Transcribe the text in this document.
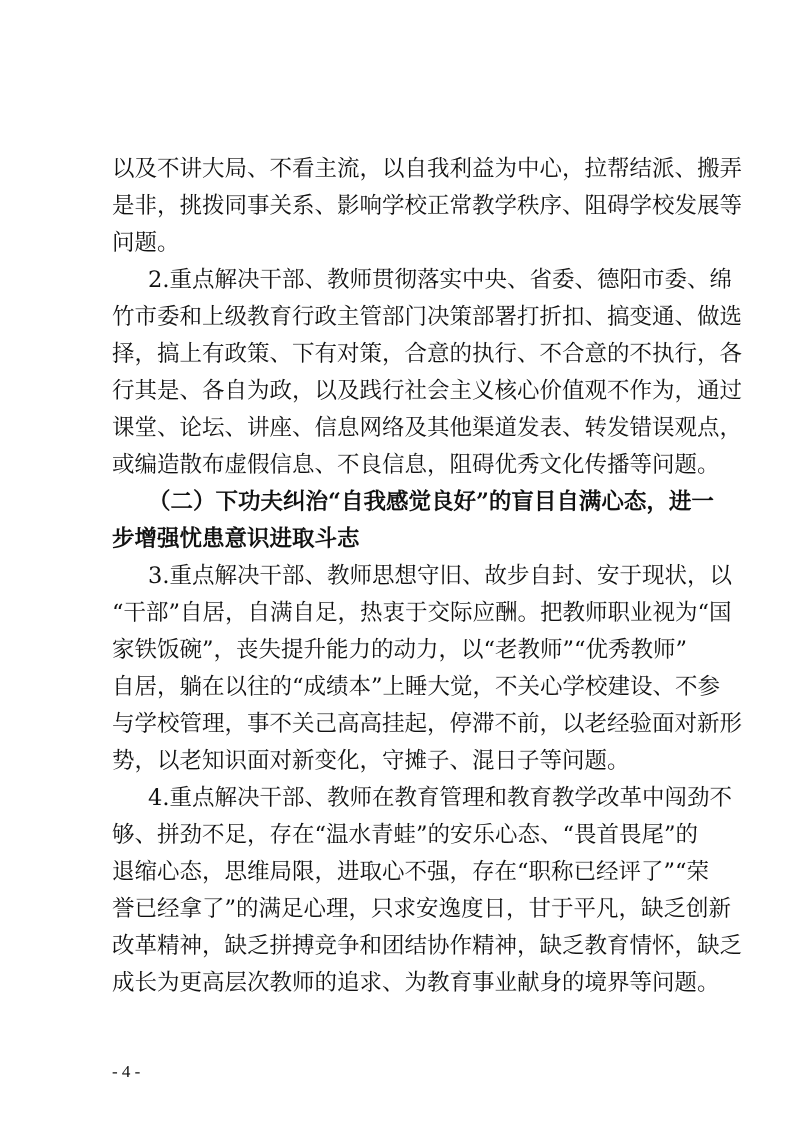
以及不讲大局、不看主流，以自我利益为中心，拉帮结派、搬弄
是非，挑拨同事关系、影响学校正常教学秩序、阻碍学校发展等
问题。
2.重点解决干部、教师贯彻落实中央、省委、德阳市委、绵
竹市委和上级教育行政主管部门决策部署打折扣、搞变通、做选
择，搞上有政策、下有对策，合意的执行、不合意的不执行，各
行其是、各自为政，以及践行社会主义核心价值观不作为，通过
课堂、论坛、讲座、信息网络及其他渠道发表、转发错误观点，
或编造散布虚假信息、不良信息，阻碍优秀文化传播等问题。
（二）下功夫纠治“自我感觉良好”的盲目自满心态，进一
步增强忧患意识进取斗志
3.重点解决干部、教师思想守旧、故步自封、安于现状，以
“干部”自居，自满自足，热衷于交际应酬。把教师职业视为“国
家铁饭碗”，丧失提升能力的动力，以“老教师”“优秀教师”
自居，躺在以往的“成绩本”上睡大觉，不关心学校建设、不参
与学校管理，事不关己高高挂起，停滞不前，以老经验面对新形
势，以老知识面对新变化，守摊子、混日子等问题。
4.重点解决干部、教师在教育管理和教育教学改革中闯劲不
够、拼劲不足，存在“温水青蛙”的安乐心态、“畏首畏尾”的
退缩心态，思维局限，进取心不强，存在“职称已经评了”“荣
誉已经拿了”的满足心理，只求安逸度日，甘于平凡，缺乏创新
改革精神，缺乏拼搏竞争和团结协作精神，缺乏教育情怀，缺乏
成长为更高层次教师的追求、为教育事业献身的境界等问题。
- 4 -
